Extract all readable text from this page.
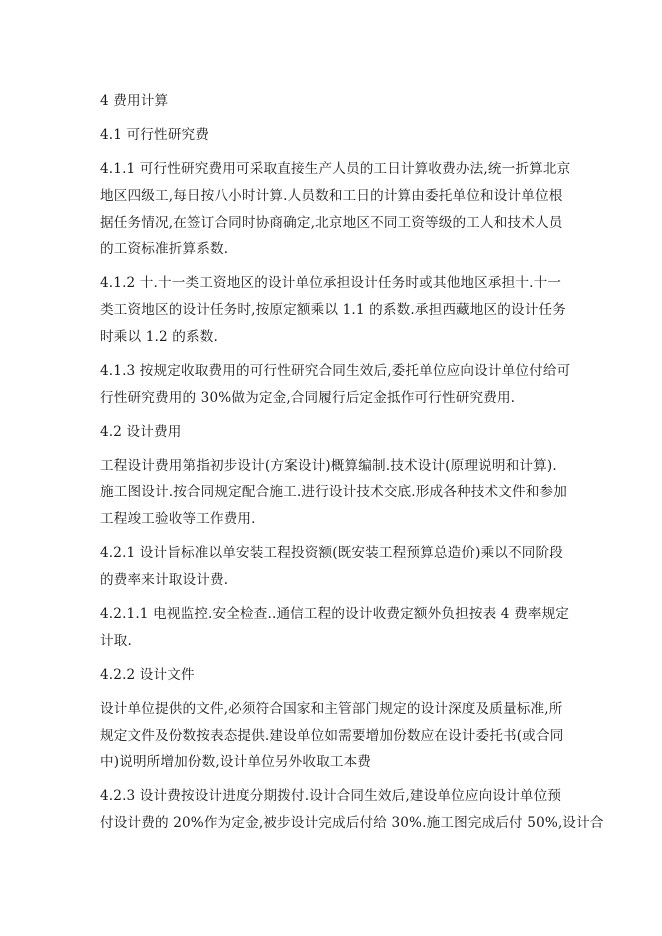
4 费用计算
4.1 可行性研究费
4.1.1 可行性研究费用可采取直接生产人员的工日计算收费办法,统一折算北京
地区四级工,每日按八小时计算.人员数和工日的计算由委托单位和设计单位根
据任务情况,在签订合同时协商确定,北京地区不同工资等级的工人和技术人员
的工资标准折算系数.
4.1.2 十.十一类工资地区的设计单位承担设计任务时或其他地区承担十.十一
类工资地区的设计任务时,按原定额乘以 1.1 的系数.承担西藏地区的设计任务
时乘以 1.2 的系数.
4.1.3 按规定收取费用的可行性研究合同生效后,委托单位应向设计单位付给可
行性研究费用的 30%做为定金,合同履行后定金抵作可行性研究费用.
4.2 设计费用
工程设计费用第指初步设计(方案设计)概算编制.技术设计(原理说明和计算).
施工图设计.按合同规定配合施工.进行设计技术交底.形成各种技术文件和参加
工程竣工验收等工作费用.
4.2.1 设计旨标准以单安装工程投资额(既安装工程预算总造价)乘以不同阶段
的费率来计取设计费.
4.2.1.1 电视监控.安全检查..通信工程的设计收费定额外负担按表 4 费率规定
计取.
4.2.2 设计文件
设计单位提供的文件,必须符合国家和主管部门规定的设计深度及质量标准,所
规定文件及份数按表态提供.建设单位如需要增加份数应在设计委托书(或合同
中)说明所增加份数,设计单位另外收取工本费
4.2.3 设计费按设计进度分期拨付.设计合同生效后,建设单位应向设计单位预
付设计费的 20%作为定金,被步设计完成后付给 30%.施工图完成后付 50%,设计合
